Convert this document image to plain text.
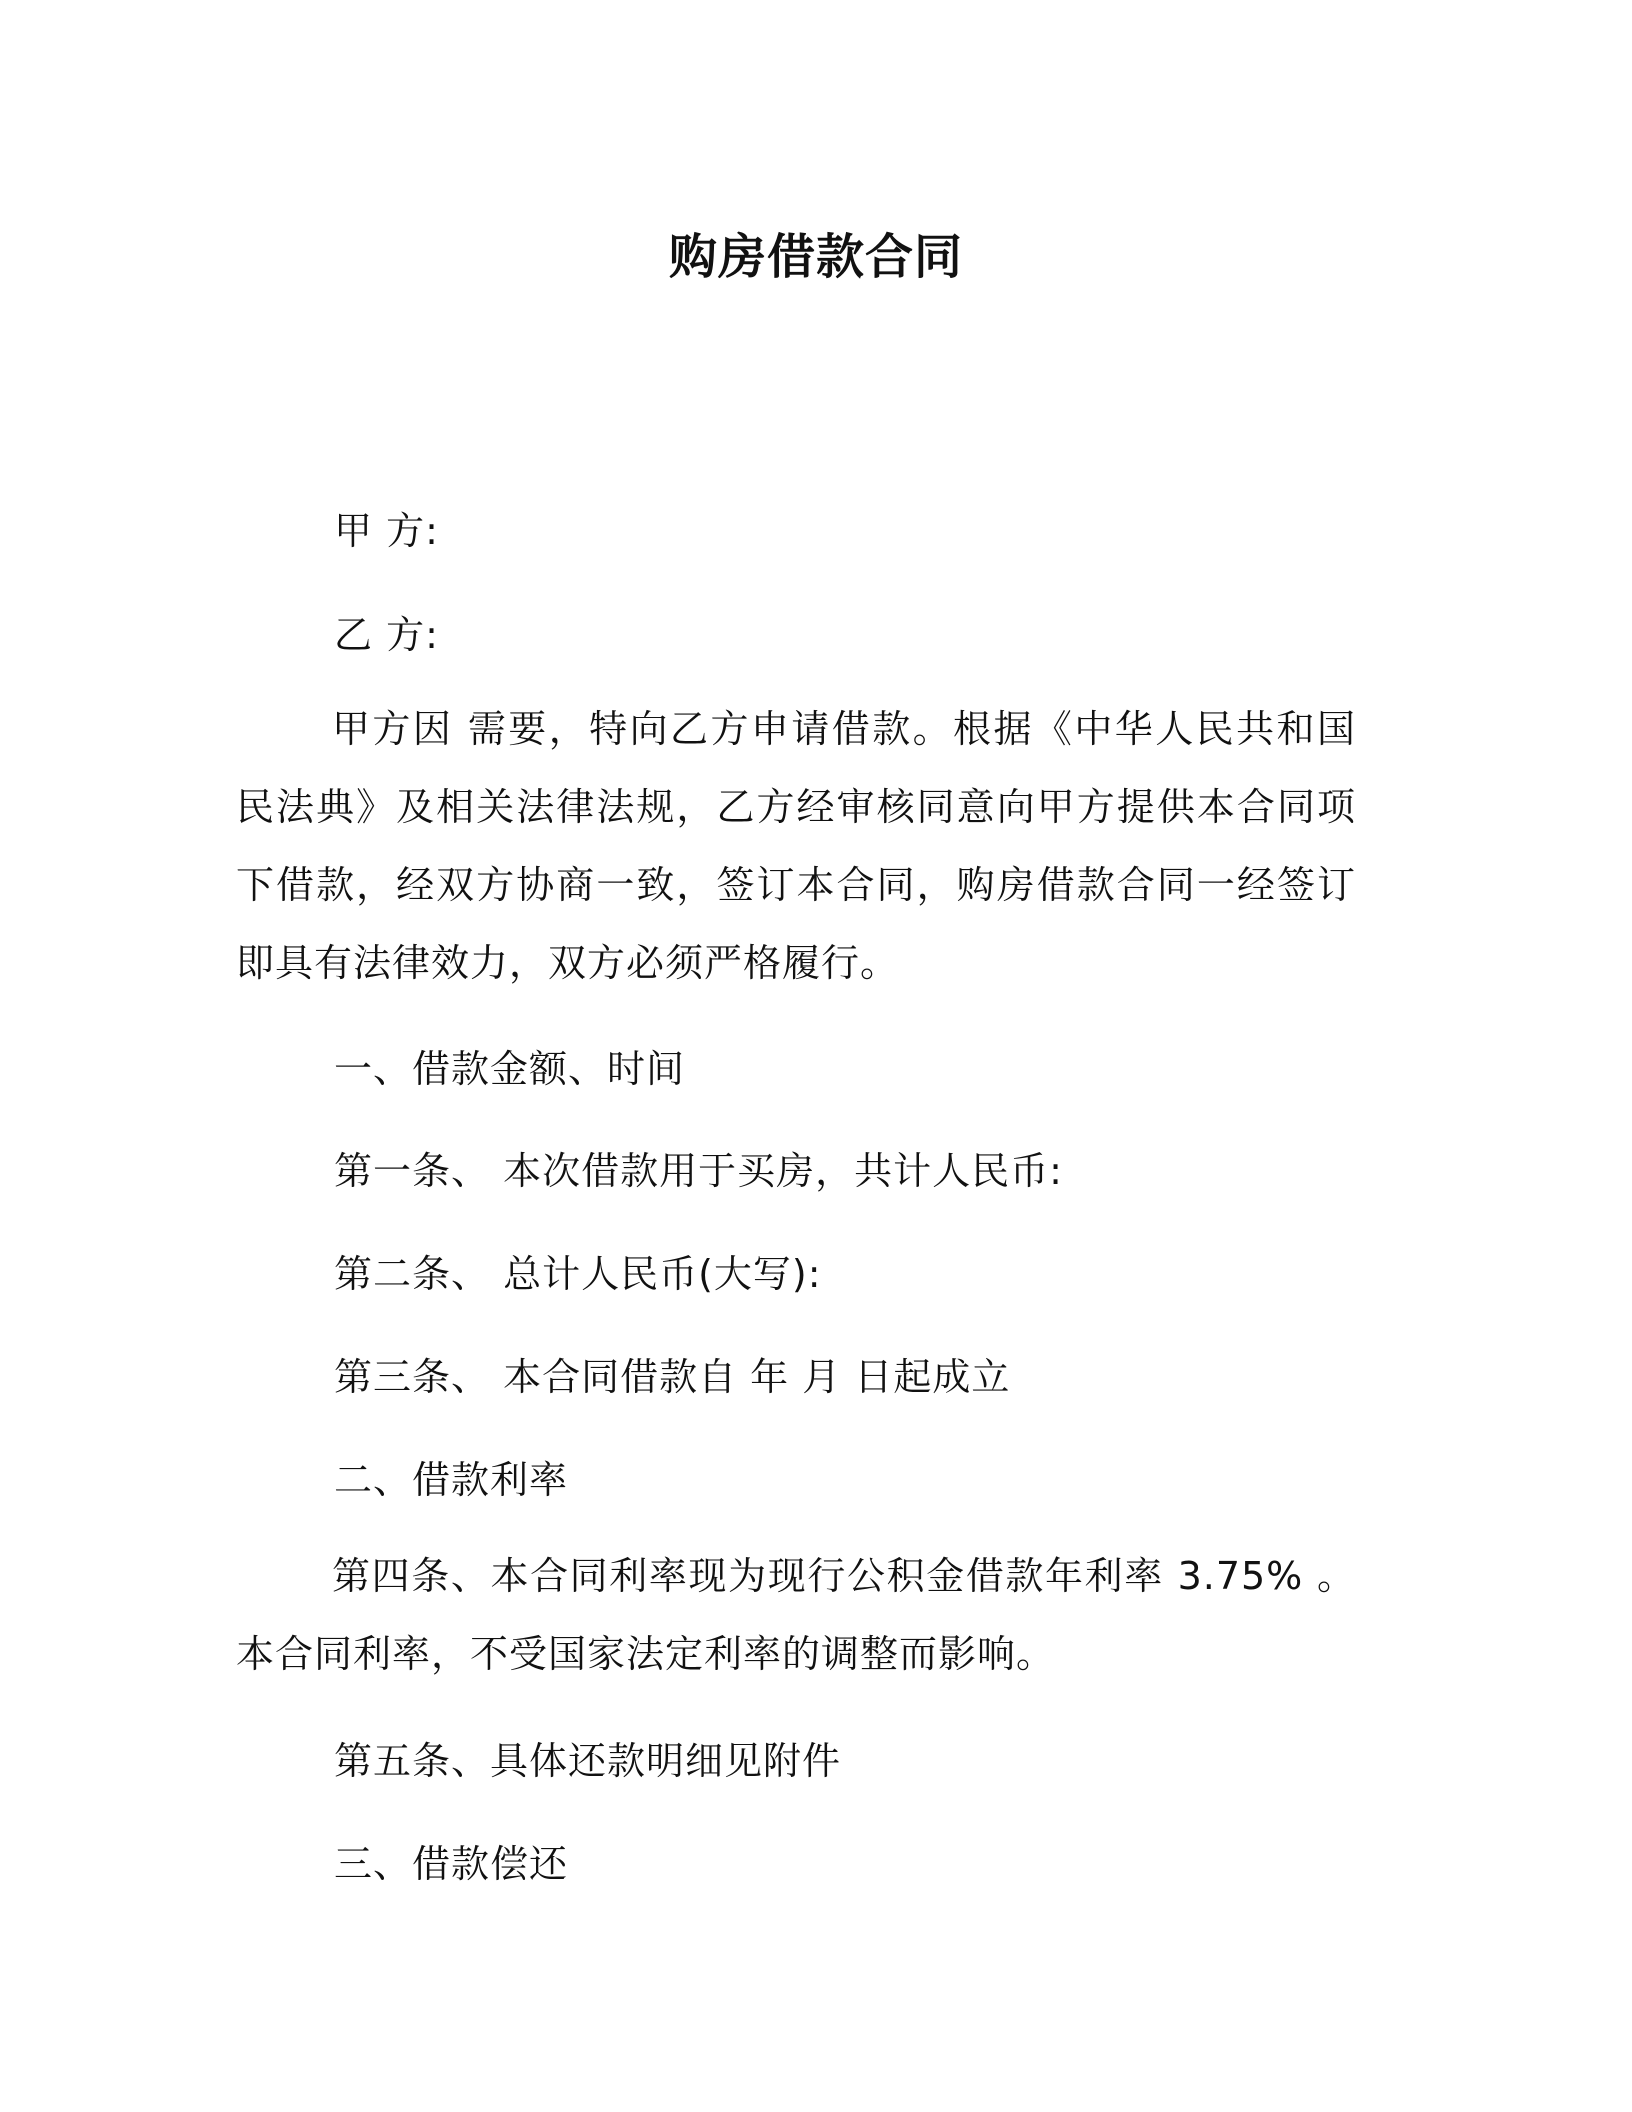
购房借款合同
甲 方:
乙 方:
甲方因 需要，特向乙方申请借款。根据《中华人民共和国民法典》及相关法律法规，乙方经审核同意向甲方提供本合同项下借款，经双方协商一致，签订本合同，购房借款合同一经签订即具有法律效力，双方必须严格履行。
一、借款金额、时间
第一条、 本次借款用于买房，共计人民币:
第二条、 总计人民币(大写):
第三条、 本合同借款自 年 月 日起成立
二、借款利率
第四条、本合同利率现为现行公积金借款年利率 3.75% 。本合同利率，不受国家法定利率的调整而影响。
第五条、具体还款明细见附件
三、借款偿还
